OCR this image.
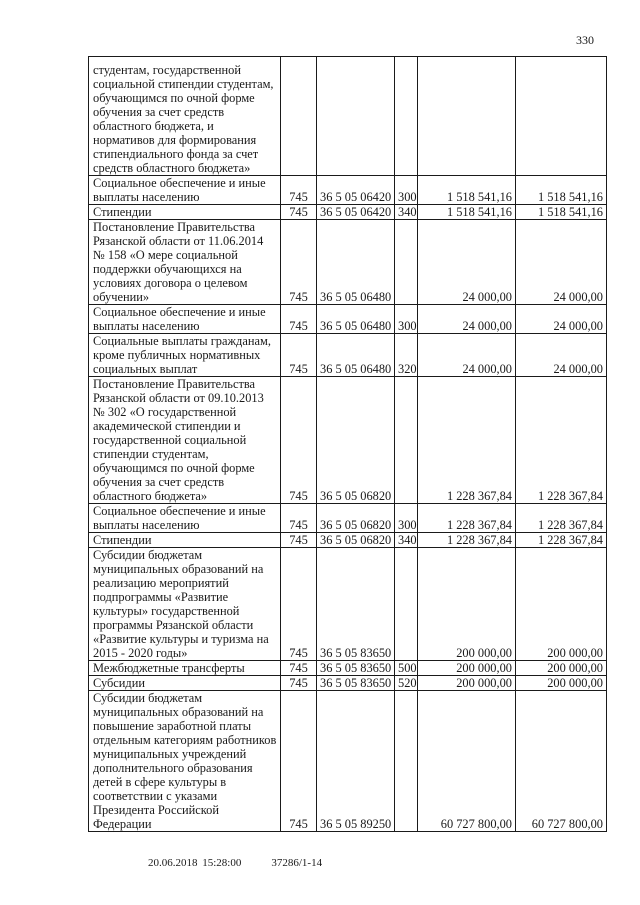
330
студентам, государственной социальной стипендии студентам, обучающимся по очной форме обучения за счет средств областного бюджета, и нормативов для формирования стипендиального фонда за счет средств областного бюджета»					
Социальное обеспечение и иные выплаты населению	745	36 5 05 06420	300	1 518 541,16	1 518 541,16
Стипендии	745	36 5 05 06420	340	1 518 541,16	1 518 541,16
Постановление Правительства Рязанской области от 11.06.2014 № 158 «О мере социальной поддержки обучающихся на условиях договора о целевом обучении»	745	36 5 05 06480		24 000,00	24 000,00
Социальное обеспечение и иные выплаты населению	745	36 5 05 06480	300	24 000,00	24 000,00
Социальные выплаты гражданам, кроме публичных нормативных социальных выплат	745	36 5 05 06480	320	24 000,00	24 000,00
Постановление Правительства Рязанской области от 09.10.2013 № 302 «О государственной академической стипендии и государственной социальной стипендии студентам, обучающимся по очной форме обучения за счет средств областного бюджета»	745	36 5 05 06820		1 228 367,84	1 228 367,84
Социальное обеспечение и иные выплаты населению	745	36 5 05 06820	300	1 228 367,84	1 228 367,84
Стипендии	745	36 5 05 06820	340	1 228 367,84	1 228 367,84
Субсидии бюджетам муниципальных образований на реализацию мероприятий подпрограммы «Развитие культуры» государственной программы Рязанской области «Развитие культуры и туризма на 2015 - 2020 годы»	745	36 5 05 83650		200 000,00	200 000,00
Межбюджетные трансферты	745	36 5 05 83650	500	200 000,00	200 000,00
Субсидии	745	36 5 05 83650	520	200 000,00	200 000,00
Субсидии бюджетам муниципальных образований на повышение заработной платы отдельным категориям работников муниципальных учреждений дополнительного образования детей в сфере культуры в соответствии с указами Президента Российской Федерации	745	36 5 05 89250		60 727 800,00	60 727 800,00
20.06.2018 15:28:00	37286/1-14
